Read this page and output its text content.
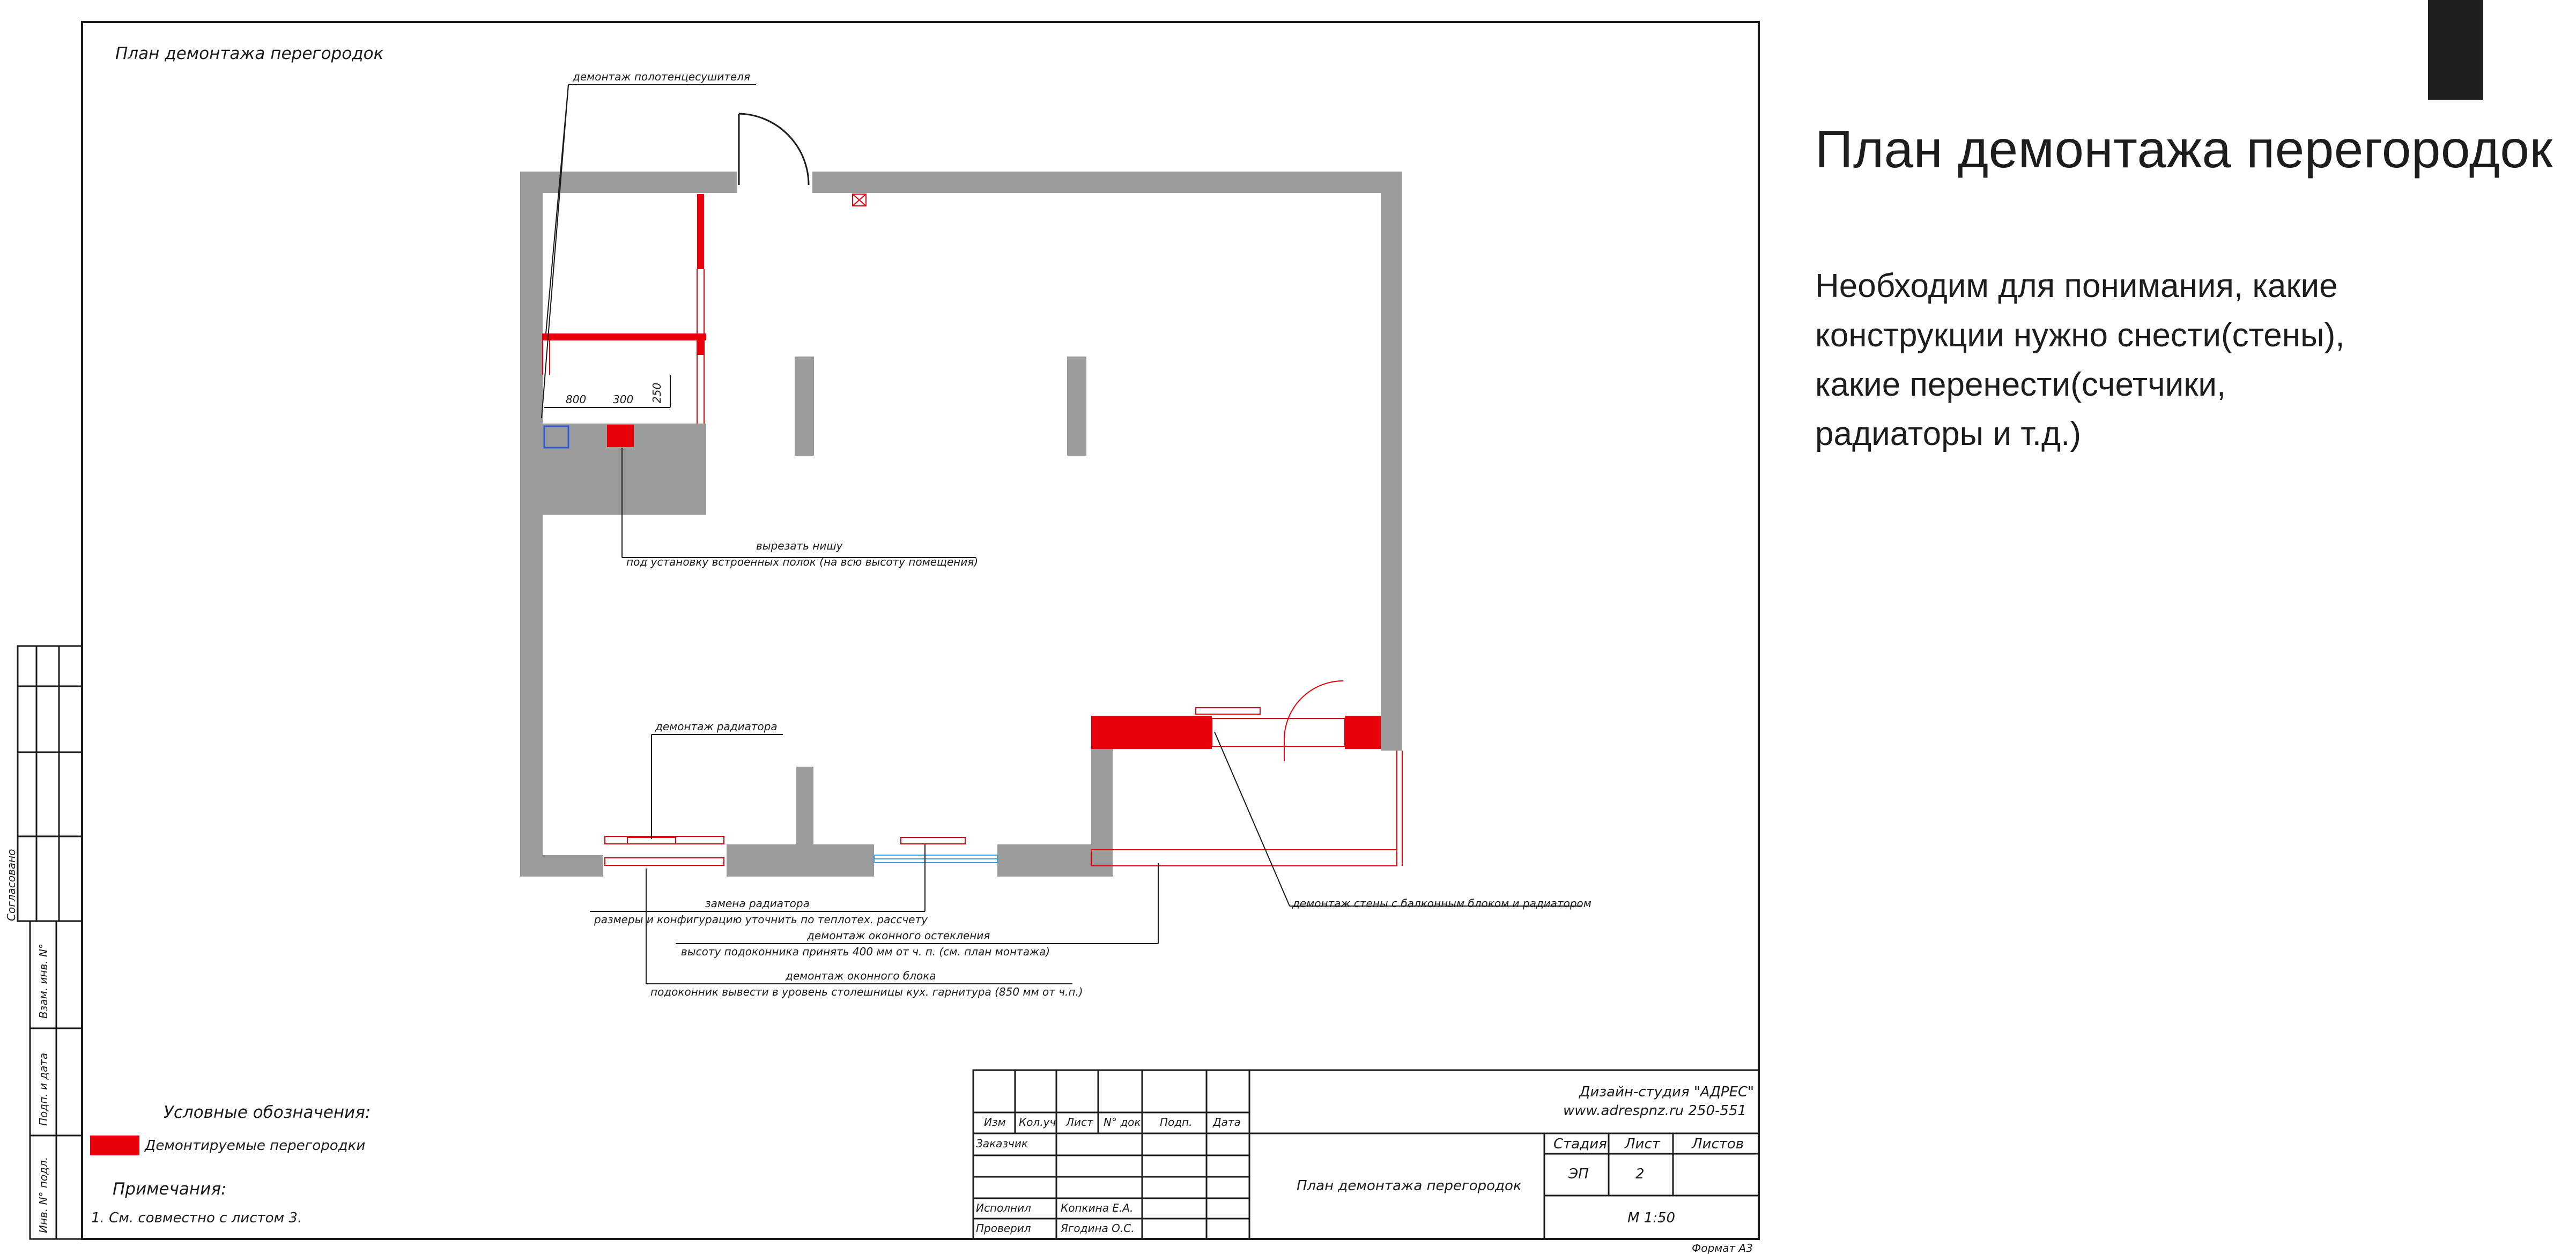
План демонтажа перегородок
Согласовано
Взам. инв. N°
Подп. и дата
Инв. N° подл.
800 300 250
демонтаж полотенцесушителя
вырезать нишу
под установку встроенных полок (на всю высоту помещения)
демонтаж радиатора
замена радиатора
размеры и конфигурацию уточнить по теплотех. рассчету
демонтаж оконного остекления
высоту подоконника принять 400 мм от ч. п. (см. план монтажа)
демонтаж оконного блока
подоконник вывести в уровень столешницы кух. гарнитура (850 мм от ч.п.)
демонтаж стены с балконным блоком и радиатором
Условные обозначения:
Демонтируемые перегородки
Примечания:
1. См. совместно с листом 3.
Изм Кол.уч Лист N° док Подп. Дата
Заказчик
Исполнил	Копкина Е.А.
Проверил	Ягодина О.С.
Дизайн-студия "АДРЕС"
www.adrespnz.ru 250-551
План демонтажа перегородок
Стадия Лист Листов
ЭП	2
М 1:50
Формат А3
План демонтажа перегородок
Необходим для понимания, какие
конструкции нужно снести(стены),
какие перенести(счетчики,
радиаторы и т.д.)
